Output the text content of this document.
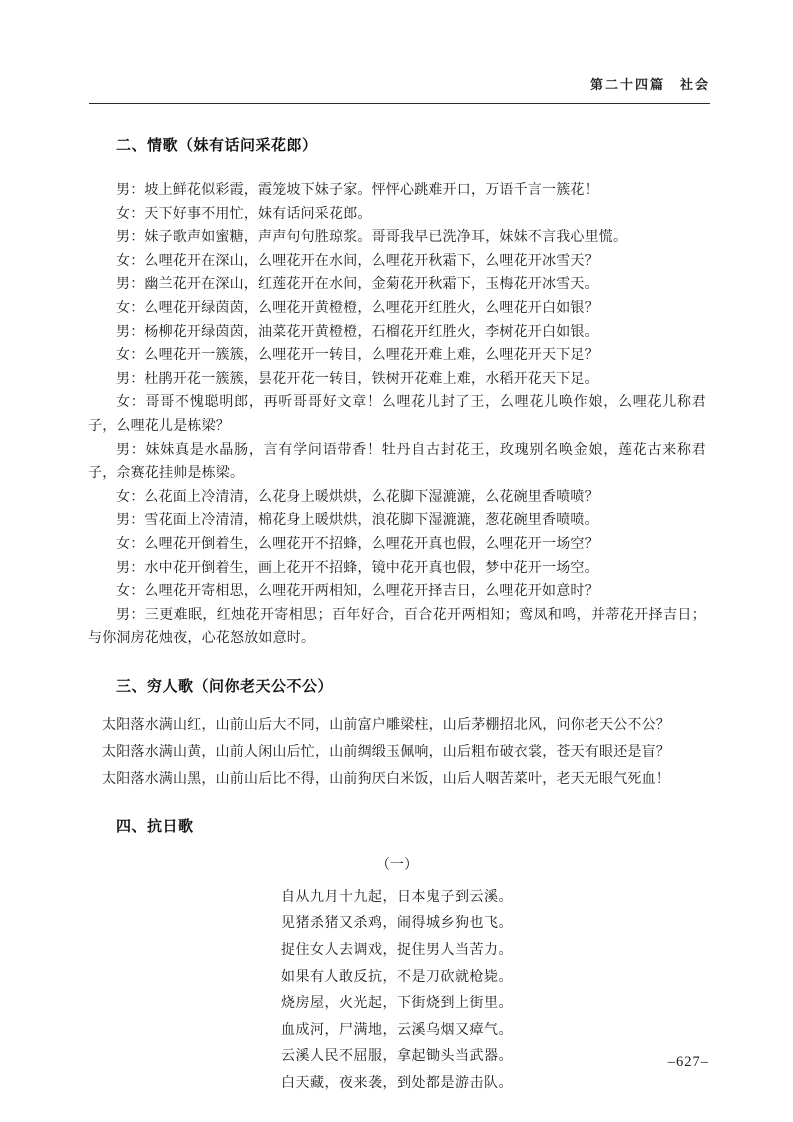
第二十四篇　社会
二、情歌（妹有话问采花郎）

男：坡上鲜花似彩霞，霞笼坡下妹子家。怦怦心跳难开口，万语千言一簇花！

女：天下好事不用忙，妹有话问采花郎。

男：妹子歌声如蜜糖，声声句句胜琼浆。哥哥我早已洗净耳，妹妹不言我心里慌。

女：么哩花开在深山，么哩花开在水间，么哩花开秋霜下，么哩花开冰雪天？

男：幽兰花开在深山，红莲花开在水间，金菊花开秋霜下，玉梅花开冰雪天。

女：么哩花开绿茵茵，么哩花开黄橙橙，么哩花开红胜火，么哩花开白如银？

男：杨柳花开绿茵茵，油菜花开黄橙橙，石榴花开红胜火，李树花开白如银。

女：么哩花开一簇簇，么哩花开一转目，么哩花开难上难，么哩花开天下足？

男：杜鹃开花一簇簇，昙花开花一转目，铁树开花难上难，水稻开花天下足。

女：哥哥不愧聪明郎，再听哥哥好文章！么哩花儿封了王，么哩花儿唤作娘，么哩花儿称君子，么哩花儿是栋梁？

男：妹妹真是水晶肠，言有学问语带香！牡丹自古封花王，玫瑰别名唤金娘，莲花古来称君子，佘赛花挂帅是栋梁。

女：么花面上冷清清，么花身上暖烘烘，么花脚下湿漉漉，么花碗里香喷喷？

男：雪花面上冷清清，棉花身上暖烘烘，浪花脚下湿漉漉，葱花碗里香喷喷。

女：么哩花开倒着生，么哩花开不招蜂，么哩花开真也假，么哩花开一场空？

男：水中花开倒着生，画上花开不招蜂，镜中花开真也假，梦中花开一场空。

女：么哩花开寄相思，么哩花开两相知，么哩花开择吉日，么哩花开如意时？

男：三更难眠，红烛花开寄相思；百年好合，百合花开两相知；鸾凤和鸣，并蒂花开择吉日；与你洞房花烛夜，心花怒放如意时。

三、穷人歌（问你老天公不公）

太阳落水满山红，山前山后大不同，山前富户雕梁柱，山后茅棚招北风，问你老天公不公？

太阳落水满山黄，山前人闲山后忙，山前绸缎玉佩响，山后粗布破衣裳，苍天有眼还是盲？

太阳落水满山黑，山前山后比不得，山前狗厌白米饭，山后人咽苦菜叶，老天无眼气死血！

四、抗日歌
（一）

自从九月十九起，日本鬼子到云溪。

见猪杀猪又杀鸡，闹得城乡狗也飞。

捉住女人去调戏，捉住男人当苦力。

如果有人敢反抗，不是刀砍就枪毙。

烧房屋，火光起，下街烧到上街里。

血成河，尸满地，云溪乌烟又瘴气。

云溪人民不屈服，拿起锄头当武器。

白天藏，夜来袭，到处都是游击队。

–627–
